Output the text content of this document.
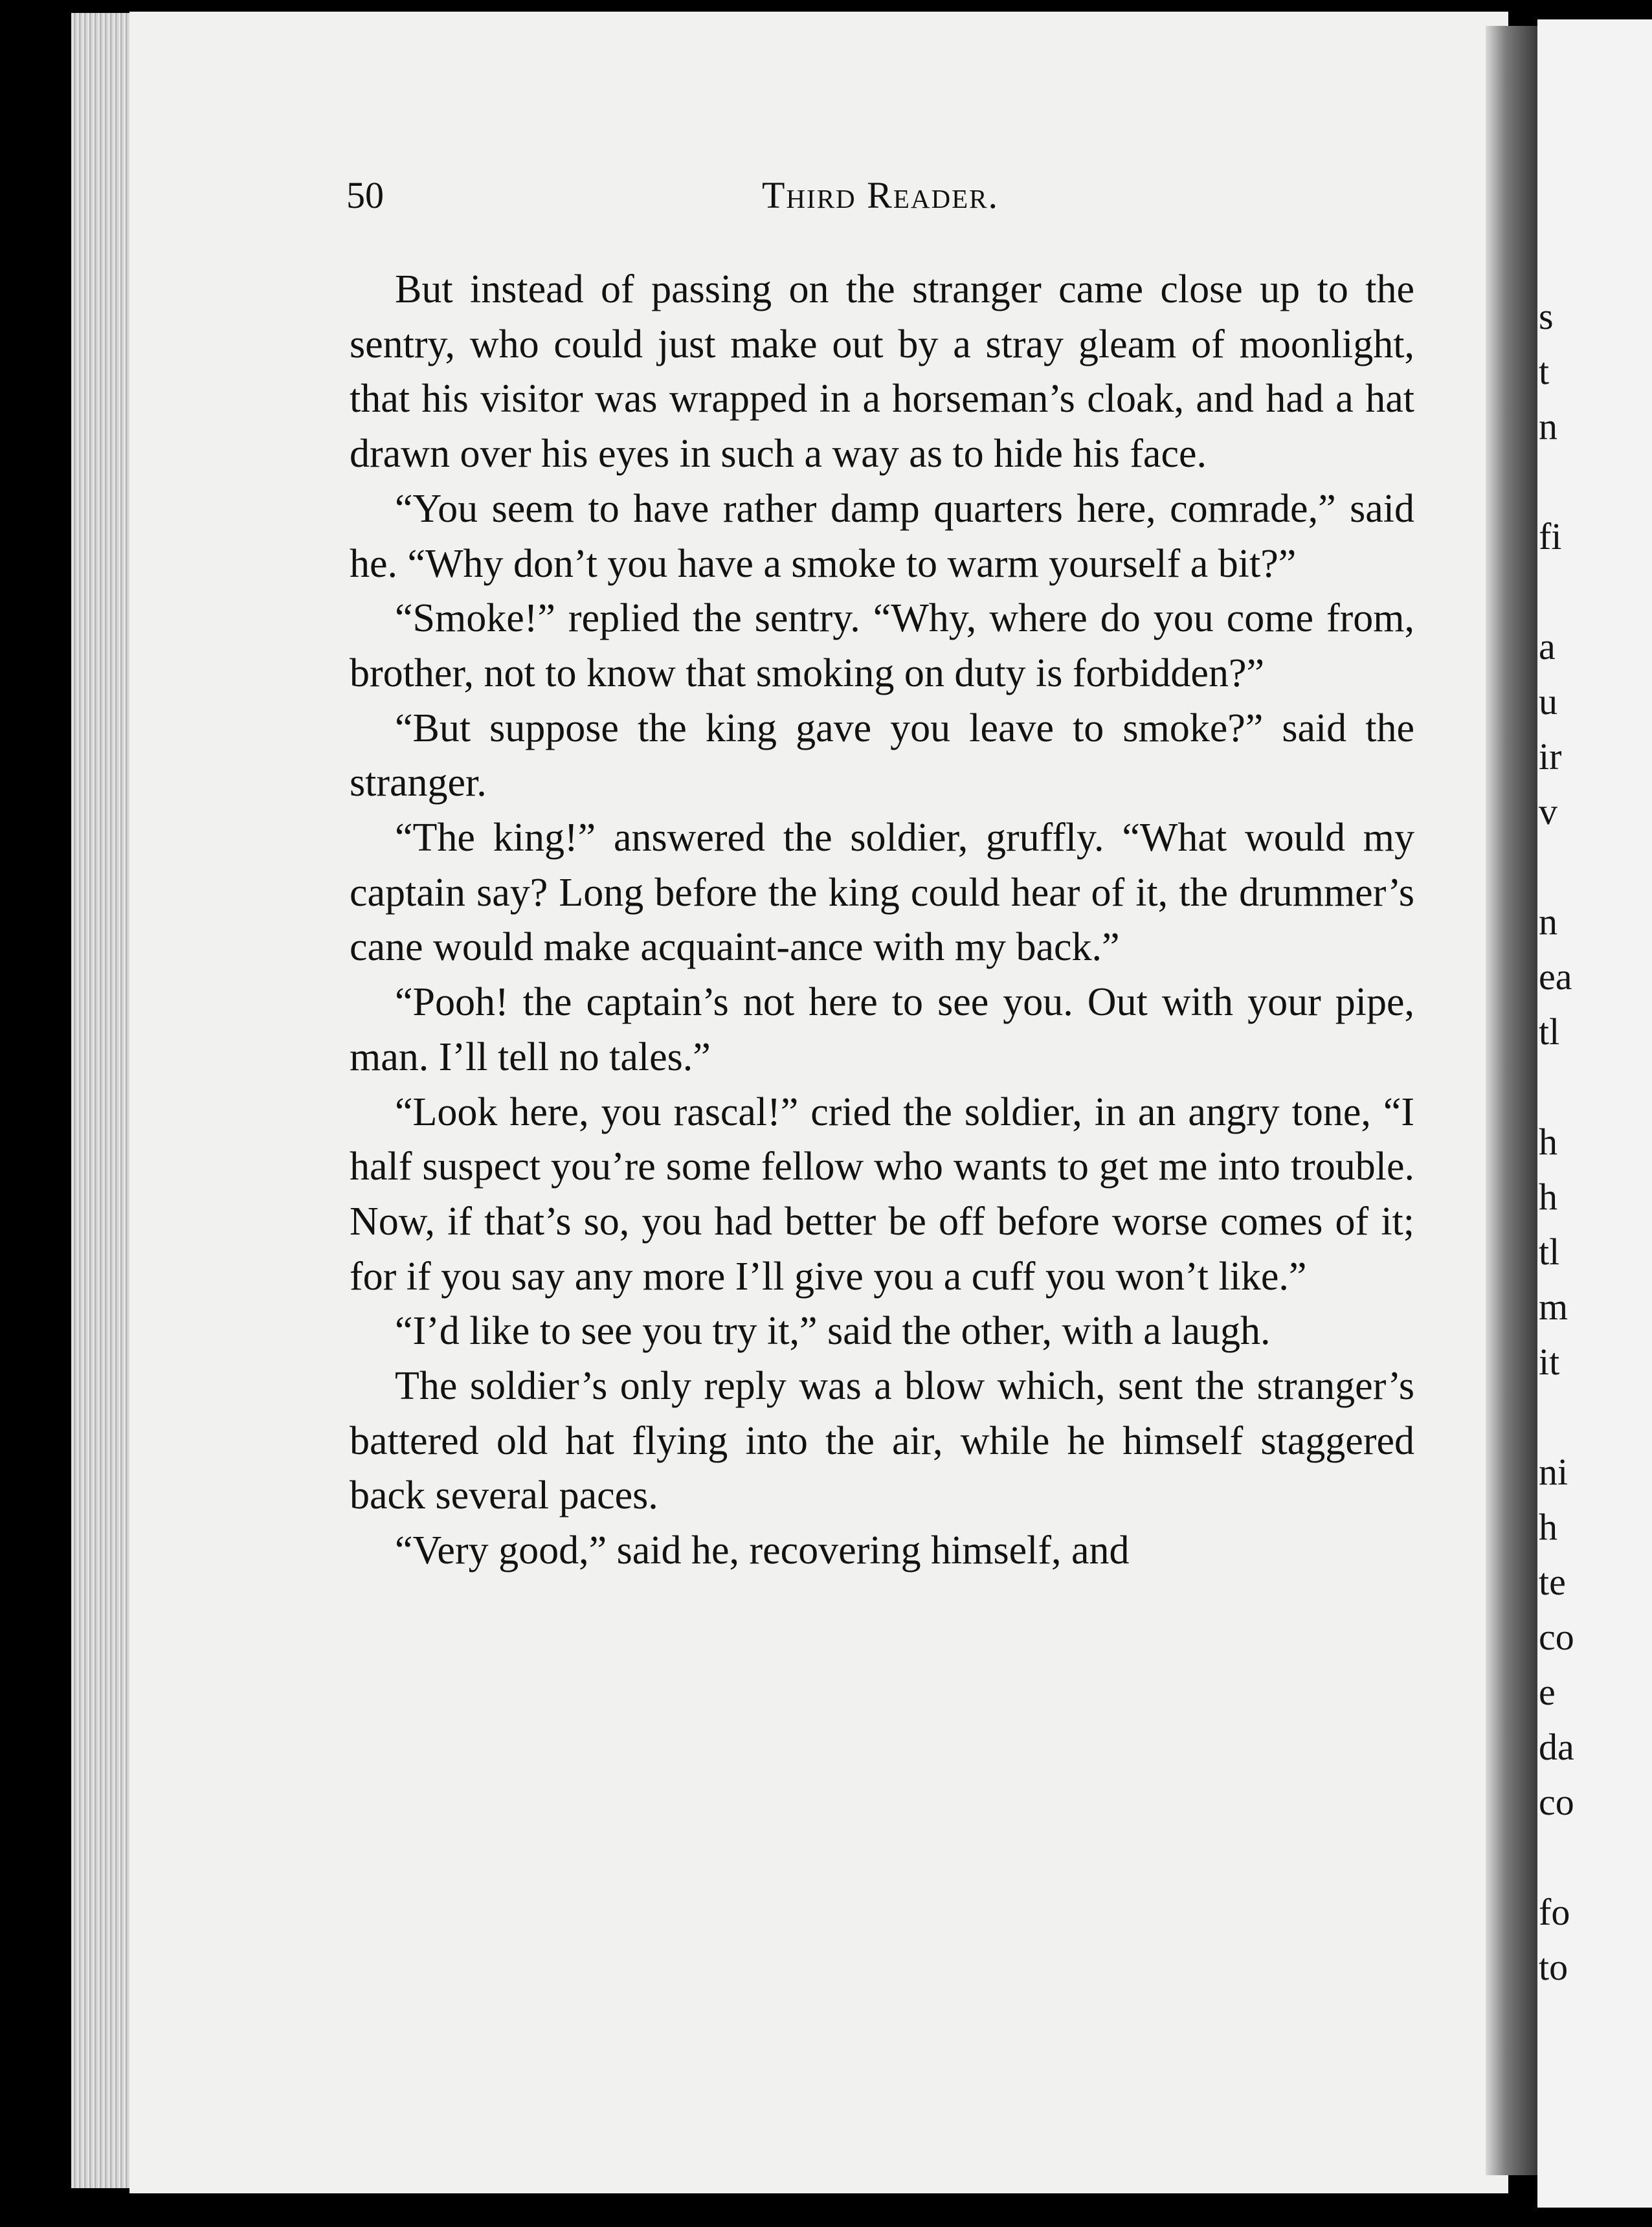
50	Third Reader.

But instead of passing on the stranger came close up to the sentry, who could just make out by a stray gleam of moonlight, that his visitor was wrapped in a horseman’s cloak, and had a hat drawn over his eyes in such a way as to hide his face.

“You seem to have rather damp quarters here, comrade,” said he. “Why don’t you have a smoke to warm yourself a bit?”

“Smoke!” replied the sentry. “Why, where do you come from, brother, not to know that smoking on duty is forbidden?”

“But suppose the king gave you leave to smoke?” said the stranger.

“The king!” answered the soldier, gruffly. “What would my captain say? Long before the king could hear of it, the drummer’s cane would make acquaint-ance with my back.”

“Pooh! the captain’s not here to see you. Out with your pipe, man. I’ll tell no tales.”

“Look here, you rascal!” cried the soldier, in an angry tone, “I half suspect you’re some fellow who wants to get me into trouble. Now, if that’s so, you had better be off before worse comes of it; for if you say any more I’ll give you a cuff you won’t like.”

“I’d like to see you try it,” said the other, with a laugh.

The soldier’s only reply was a blow which, sent the stranger’s battered old hat flying into the air, while he himself staggered back several paces.

“Very good,” said he, recovering himself, and

s
t
n
fi
a
u
ir
v
n
ea
tl
h
h
tl
m
it
ni
h
te
co
e
da
co
fo
to
